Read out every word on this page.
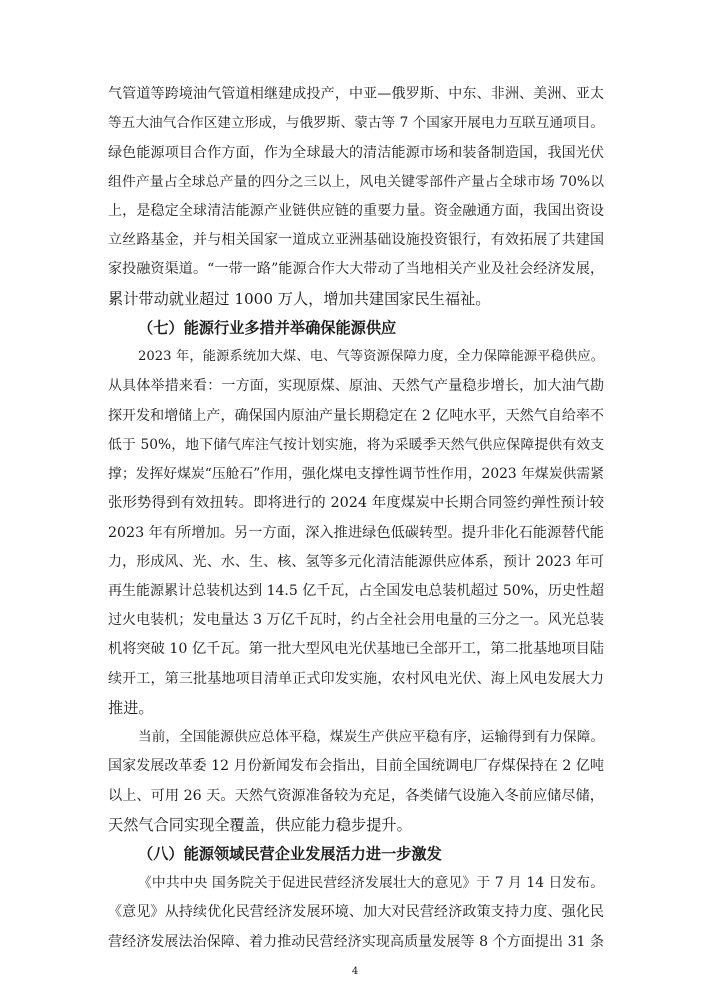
气管道等跨境油气管道相继建成投产，中亚—俄罗斯、中东、非洲、美洲、亚太
等五大油气合作区建立形成，与俄罗斯、蒙古等 7 个国家开展电力互联互通项目。
绿色能源项目合作方面，作为全球最大的清洁能源市场和装备制造国，我国光伏
组件产量占全球总产量的四分之三以上，风电关键零部件产量占全球市场 70%以
上，是稳定全球清洁能源产业链供应链的重要力量。资金融通方面，我国出资设
立丝路基金，并与相关国家一道成立亚洲基础设施投资银行，有效拓展了共建国
家投融资渠道。“一带一路”能源合作大大带动了当地相关产业及社会经济发展，
累计带动就业超过 1000 万人，增加共建国家民生福祉。
（七）能源行业多措并举确保能源供应
2023 年，能源系统加大煤、电、气等资源保障力度，全力保障能源平稳供应。
从具体举措来看：一方面，实现原煤、原油、天然气产量稳步增长，加大油气勘
探开发和增储上产，确保国内原油产量长期稳定在 2 亿吨水平，天然气自给率不
低于 50%，地下储气库注气按计划实施，将为采暖季天然气供应保障提供有效支
撑；发挥好煤炭“压舱石”作用，强化煤电支撑性调节性作用，2023 年煤炭供需紧
张形势得到有效扭转。即将进行的 2024 年度煤炭中长期合同签约弹性预计较
2023 年有所增加。另一方面，深入推进绿色低碳转型。提升非化石能源替代能
力，形成风、光、水、生、核、氢等多元化清洁能源供应体系，预计 2023 年可
再生能源累计总装机达到 14.5 亿千瓦，占全国发电总装机超过 50%，历史性超
过火电装机；发电量达 3 万亿千瓦时，约占全社会用电量的三分之一。风光总装
机将突破 10 亿千瓦。第一批大型风电光伏基地已全部开工，第二批基地项目陆
续开工，第三批基地项目清单正式印发实施，农村风电光伏、海上风电发展大力
推进。
当前，全国能源供应总体平稳，煤炭生产供应平稳有序，运输得到有力保障。
国家发展改革委 12 月份新闻发布会指出，目前全国统调电厂存煤保持在 2 亿吨
以上、可用 26 天。天然气资源准备较为充足，各类储气设施入冬前应储尽储，
天然气合同实现全覆盖，供应能力稳步提升。
（八）能源领域民营企业发展活力进一步激发
《中共中央 国务院关于促进民营经济发展壮大的意见》于 7 月 14 日发布。
《意见》从持续优化民营经济发展环境、加大对民营经济政策支持力度、强化民
营经济发展法治保障、着力推动民营经济实现高质量发展等 8 个方面提出 31 条
4
